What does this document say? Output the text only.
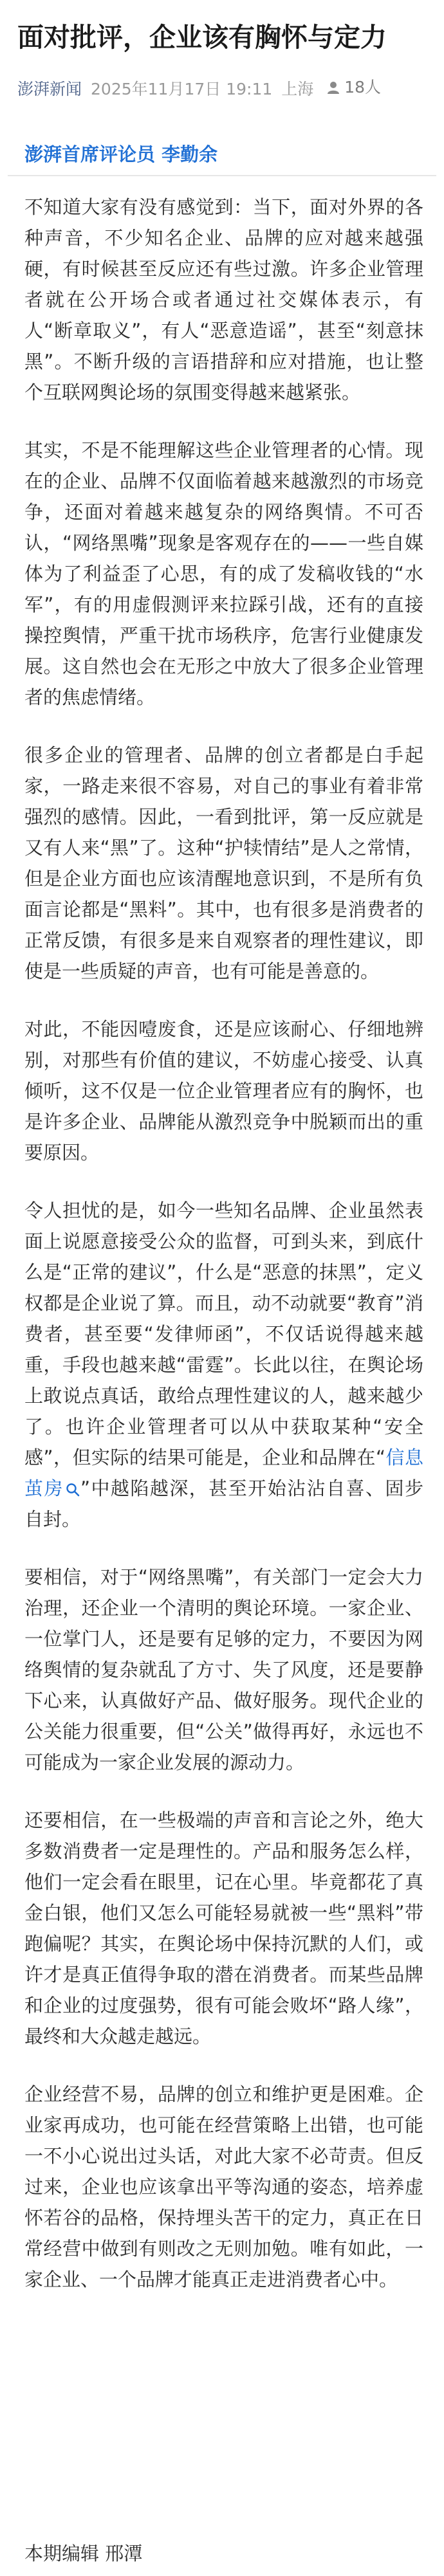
面对批评，企业该有胸怀与定力
澎湃新闻 2025年11月17日 19:11 上海 18人
澎湃首席评论员 李勤余

不知道大家有没有感觉到：当下，面对外界的各种声音，不少知名企业、品牌的应对越来越强硬，有时候甚至反应还有些过激。许多企业管理者就在公开场合或者通过社交媒体表示，有人“断章取义”，有人“恶意造谣”，甚至“刻意抹黑”。不断升级的言语措辞和应对措施，也让整个互联网舆论场的氛围变得越来越紧张。

其实，不是不能理解这些企业管理者的心情。现在的企业、品牌不仅面临着越来越激烈的市场竞争，还面对着越来越复杂的网络舆情。不可否认，“网络黑嘴”现象是客观存在的——一些自媒体为了利益歪了心思，有的成了发稿收钱的“水军”，有的用虚假测评来拉踩引战，还有的直接操控舆情，严重干扰市场秩序，危害行业健康发展。这自然也会在无形之中放大了很多企业管理者的焦虑情绪。

很多企业的管理者、品牌的创立者都是白手起家，一路走来很不容易，对自己的事业有着非常强烈的感情。因此，一看到批评，第一反应就是又有人来“黑”了。这种“护犊情结”是人之常情，但是企业方面也应该清醒地意识到，不是所有负面言论都是“黑料”。其中，也有很多是消费者的正常反馈，有很多是来自观察者的理性建议，即使是一些质疑的声音，也有可能是善意的。

对此，不能因噎废食，还是应该耐心、仔细地辨别，对那些有价值的建议，不妨虚心接受、认真倾听，这不仅是一位企业管理者应有的胸怀，也是许多企业、品牌能从激烈竞争中脱颖而出的重要原因。

令人担忧的是，如今一些知名品牌、企业虽然表面上说愿意接受公众的监督，可到头来，到底什么是“正常的建议”，什么是“恶意的抹黑”，定义权都是企业说了算。而且，动不动就要“教育”消费者，甚至要“发律师函”，不仅话说得越来越重，手段也越来越“雷霆”。长此以往，在舆论场上敢说点真话，敢给点理性建议的人，越来越少了。也许企业管理者可以从中获取某种“安全感”，但实际的结果可能是，企业和品牌在“信息茧房 ”中越陷越深，甚至开始沾沾自喜、固步自封。

要相信，对于“网络黑嘴”，有关部门一定会大力治理，还企业一个清明的舆论环境。一家企业、一位掌门人，还是要有足够的定力，不要因为网络舆情的复杂就乱了方寸、失了风度，还是要静下心来，认真做好产品、做好服务。现代企业的公关能力很重要，但“公关”做得再好，永远也不可能成为一家企业发展的源动力。

还要相信，在一些极端的声音和言论之外，绝大多数消费者一定是理性的。产品和服务怎么样，他们一定会看在眼里，记在心里。毕竟都花了真金白银，他们又怎么可能轻易就被一些“黑料”带跑偏呢？其实，在舆论场中保持沉默的人们，或许才是真正值得争取的潜在消费者。而某些品牌和企业的过度强势，很有可能会败坏“路人缘”，最终和大众越走越远。

企业经营不易，品牌的创立和维护更是困难。企业家再成功，也可能在经营策略上出错，也可能一不小心说出过头话，对此大家不必苛责。但反过来，企业也应该拿出平等沟通的姿态，培养虚怀若谷的品格，保持埋头苦干的定力，真正在日常经营中做到有则改之无则加勉。唯有如此，一家企业、一个品牌才能真正走进消费者心中。

本期编辑 邢潭
